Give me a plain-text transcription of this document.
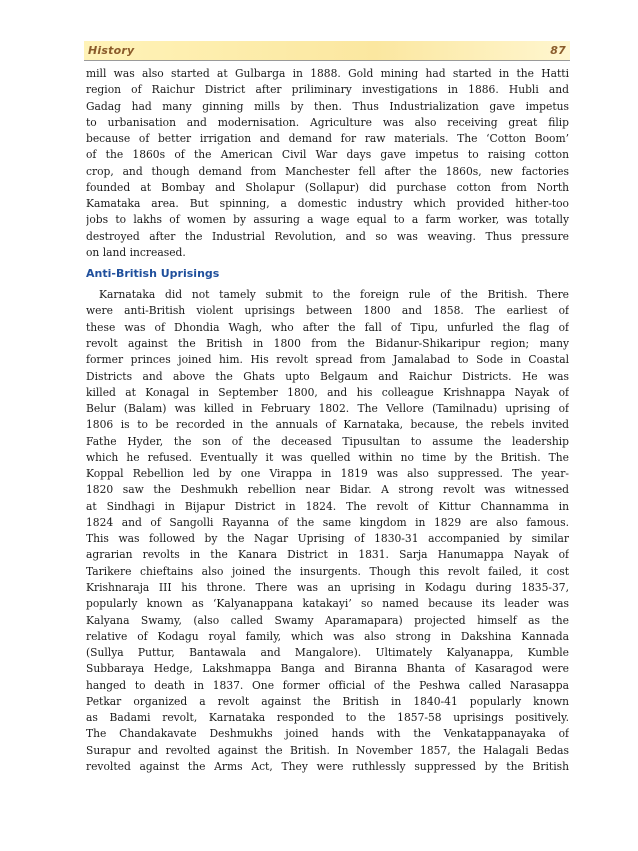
History	87
mill was also started at Gulbarga in 1888. Gold mining had started in the Hatti
region of Raichur District after priliminary investigations in 1886. Hubli and
Gadag had many ginning mills by then. Thus Industrialization gave impetus
to urbanisation and modernisation. Agriculture was also receiving great filip
because of better irrigation and demand for raw materials. The ‘Cotton Boom’
of the 1860s of the American Civil War days gave impetus to raising cotton
crop, and though demand from Manchester fell after the 1860s, new factories
founded at Bombay and Sholapur (Sollapur) did purchase cotton from North
Kamataka area. But spinning, a domestic industry which provided hither-too
jobs to lakhs of women by assuring a wage equal to a farm worker, was totally
destroyed after the Industrial Revolution, and so was weaving. Thus pressure
on land increased.
Anti-British Uprisings
Karnataka did not tamely submit to the foreign rule of the British. There
were anti-British violent uprisings between 1800 and 1858. The earliest of
these was of Dhondia Wagh, who after the fall of Tipu, unfurled the flag of
revolt against the British in 1800 from the Bidanur-Shikaripur region; many
former princes joined him. His revolt spread from Jamalabad to Sode in Coastal
Districts and above the Ghats upto Belgaum and Raichur Districts. He was
killed at Konagal in September 1800, and his colleague Krishnappa Nayak of
Belur (Balam) was killed in February 1802. The Vellore (Tamilnadu) uprising of
1806 is to be recorded in the annuals of Karnataka, because, the rebels invited
Fathe Hyder, the son of the deceased Tipusultan to assume the leadership
which he refused. Eventually it was quelled within no time by the British. The
Koppal Rebellion led by one Virappa in 1819 was also suppressed. The year-
1820 saw the Deshmukh rebellion near Bidar. A strong revolt was witnessed
at Sindhagi in Bijapur District in 1824. The revolt of Kittur Channamma in
1824 and of Sangolli Rayanna of the same kingdom in 1829 are also famous.
This was followed by the Nagar Uprising of 1830-31 accompanied by similar
agrarian revolts in the Kanara District in 1831. Sarja Hanumappa Nayak of
Tarikere chieftains also joined the insurgents. Though this revolt failed, it cost
Krishnaraja III his throne. There was an uprising in Kodagu during 1835-37,
popularly known as ‘Kalyanappana katakayi’ so named because its leader was
Kalyana Swamy, (also called Swamy Aparamapara) projected himself as the
relative of Kodagu royal family, which was also strong in Dakshina Kannada
(Sullya Puttur, Bantawala and Mangalore). Ultimately Kalyanappa, Kumble
Subbaraya Hedge, Lakshmappa Banga and Biranna Bhanta of Kasaragod were
hanged to death in 1837. One former official of the Peshwa called Narasappa
Petkar organized a revolt against the British in 1840-41 popularly known
as Badami revolt, Karnataka responded to the 1857-58 uprisings positively.
The Chandakavate Deshmukhs joined hands with the Venkatappanayaka of
Surapur and revolted against the British. In November 1857, the Halagali Bedas
revolted against the Arms Act, They were ruthlessly suppressed by the British
